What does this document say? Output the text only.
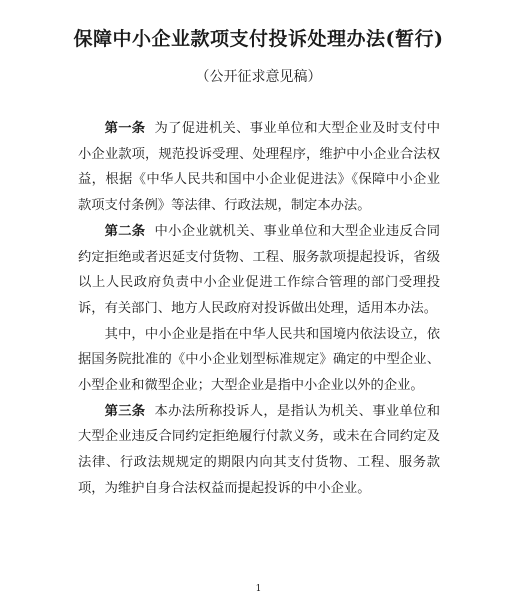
保障中小企业款项支付投诉处理办法(暂行)
（公开征求意见稿）

第一条 为了促进机关、事业单位和大型企业及时支付中小企业款项，规范投诉受理、处理程序，维护中小企业合法权益，根据《中华人民共和国中小企业促进法》《保障中小企业款项支付条例》等法律、行政法规，制定本办法。

第二条 中小企业就机关、事业单位和大型企业违反合同约定拒绝或者迟延支付货物、工程、服务款项提起投诉，省级以上人民政府负责中小企业促进工作综合管理的部门受理投诉，有关部门、地方人民政府对投诉做出处理，适用本办法。

其中，中小企业是指在中华人民共和国境内依法设立，依据国务院批准的《中小企业划型标准规定》确定的中型企业、小型企业和微型企业；大型企业是指中小企业以外的企业。

第三条 本办法所称投诉人，是指认为机关、事业单位和大型企业违反合同约定拒绝履行付款义务，或未在合同约定及法律、行政法规规定的期限内向其支付货物、工程、服务款项，为维护自身合法权益而提起投诉的中小企业。

1
